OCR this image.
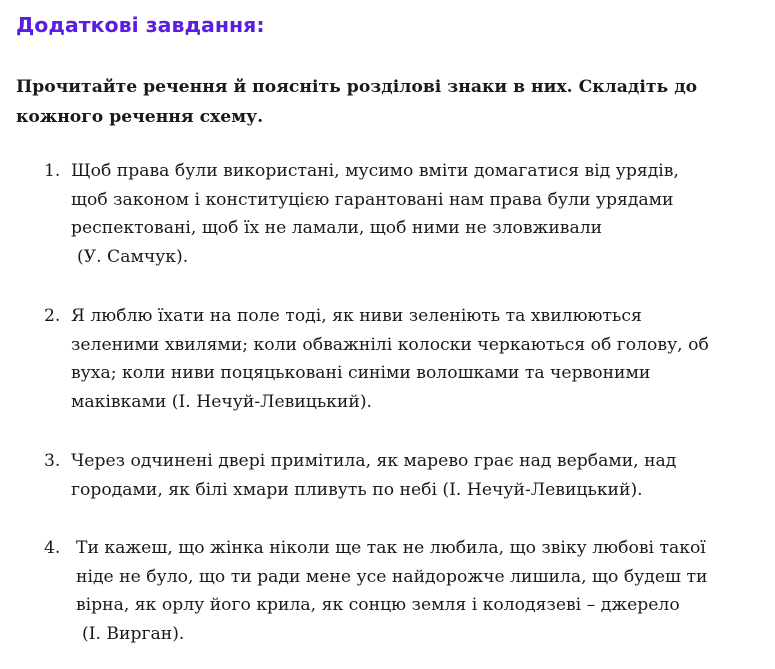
Додаткові завдання:

Прочитайте речення й поясніть розділові знаки в них. Складіть до
кожного речення схему.

1. Щоб права були використані, мусимо вміти домагатися від урядів,
щоб законом і конституцією гарантовані нам права були урядами
респектовані, щоб їх не ламали, щоб ними не зловживали
(У. Самчук).
2. Я люблю їхати на поле тоді, як ниви зеленіють та хвилюються
зеленими хвилями; коли обважнілі колоски черкаються об голову, об
вуха; коли ниви поцяцьковані синіми волошками та червоними
маківками (І. Нечуй-Левицький).
3. Через одчинені двері примітила, як марево грає над вербами, над
городами, як білі хмари пливуть по небі (І. Нечуй-Левицький).
4. Ти кажеш, що жінка ніколи ще так не любила, що звіку любові такої
ніде не було, що ти ради мене усе найдорожче лишила, що будеш ти
вірна, як орлу його крила, як сонцю земля і колодязеві – джерело
(І. Вирган).
